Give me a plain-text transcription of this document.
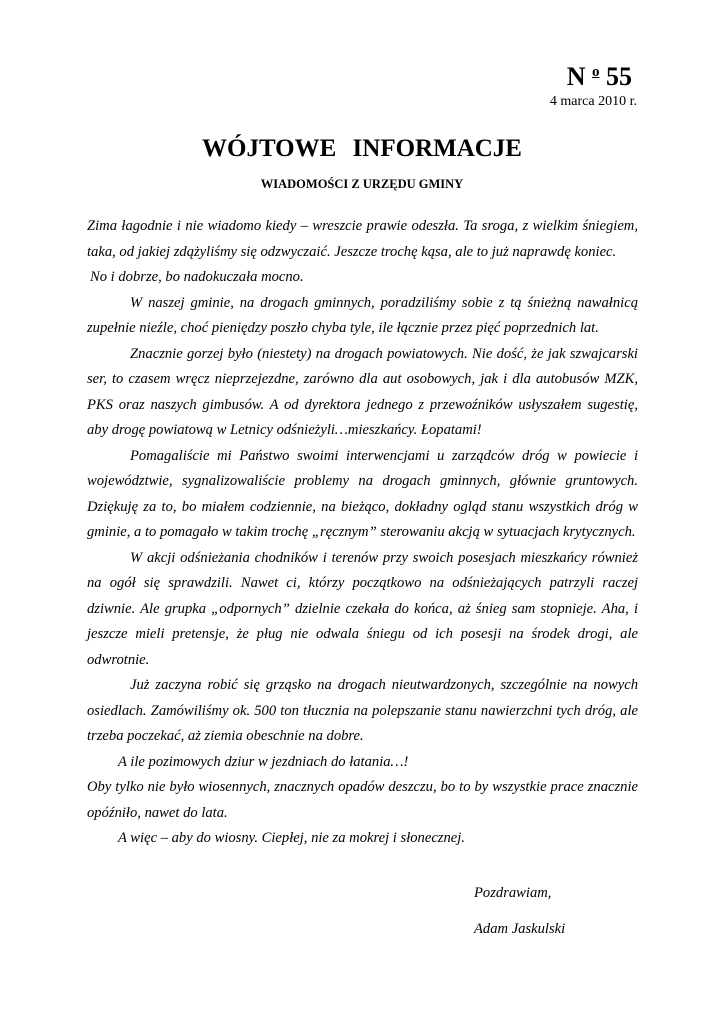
N $^o$ 55
4 marca 2010 r.
WÓJTOWE INFORMACJE
WIADOMOŚCI Z URZĘDU GMINY

Zima łagodnie i nie wiadomo kiedy – wreszcie prawie odeszła. Ta sroga, z wielkim śniegiem, taka, od jakiej zdążyliśmy się odzwyczaić. Jeszcze trochę kąsa, ale to już naprawdę koniec.

No i dobrze, bo nadokuczała mocno.

W naszej gminie, na drogach gminnych, poradziliśmy sobie z tą śnieżną nawałnicą zupełnie nieźle, choć pieniędzy poszło chyba tyle, ile łącznie przez pięć poprzednich lat.

Znacznie gorzej było (niestety) na drogach powiatowych. Nie dość, że jak szwajcarski ser, to czasem wręcz nieprzejezdne, zarówno dla aut osobowych, jak i dla autobusów MZK, PKS oraz naszych gimbusów. A od dyrektora jednego z przewoźników usłyszałem sugestię, aby drogę powiatową w Letnicy odśnieżyli…mieszkańcy. Łopatami!

Pomagaliście mi Państwo swoimi interwencjami u zarządców dróg w powiecie i województwie, sygnalizowaliście problemy na drogach gminnych, głównie gruntowych. Dziękuję za to, bo miałem codziennie, na bieżąco, dokładny ogląd stanu wszystkich dróg w gminie, a to pomagało w takim trochę „ręcznym” sterowaniu akcją w sytuacjach krytycznych.

W akcji odśnieżania chodników i terenów przy swoich posesjach mieszkańcy również na ogół się sprawdzili. Nawet ci, którzy początkowo na odśnieżających patrzyli raczej dziwnie. Ale grupka „odpornych” dzielnie czekała do końca, aż śnieg sam stopnieje. Aha, i jeszcze mieli pretensje, że pług nie odwala śniegu od ich posesji na środek drogi, ale odwrotnie.

Już zaczyna robić się grząsko na drogach nieutwardzonych, szczególnie na nowych osiedlach. Zamówiliśmy ok. 500 ton tłucznia na polepszanie stanu nawierzchni tych dróg, ale trzeba poczekać, aż ziemia obeschnie na dobre.

A ile pozimowych dziur w jezdniach do łatania…!

Oby tylko nie było wiosennych, znacznych opadów deszczu, bo to by wszystkie prace znacznie opóźniło, nawet do lata.

A więc – aby do wiosny. Ciepłej, nie za mokrej i słonecznej.

Pozdrawiam,
Adam Jaskulski
